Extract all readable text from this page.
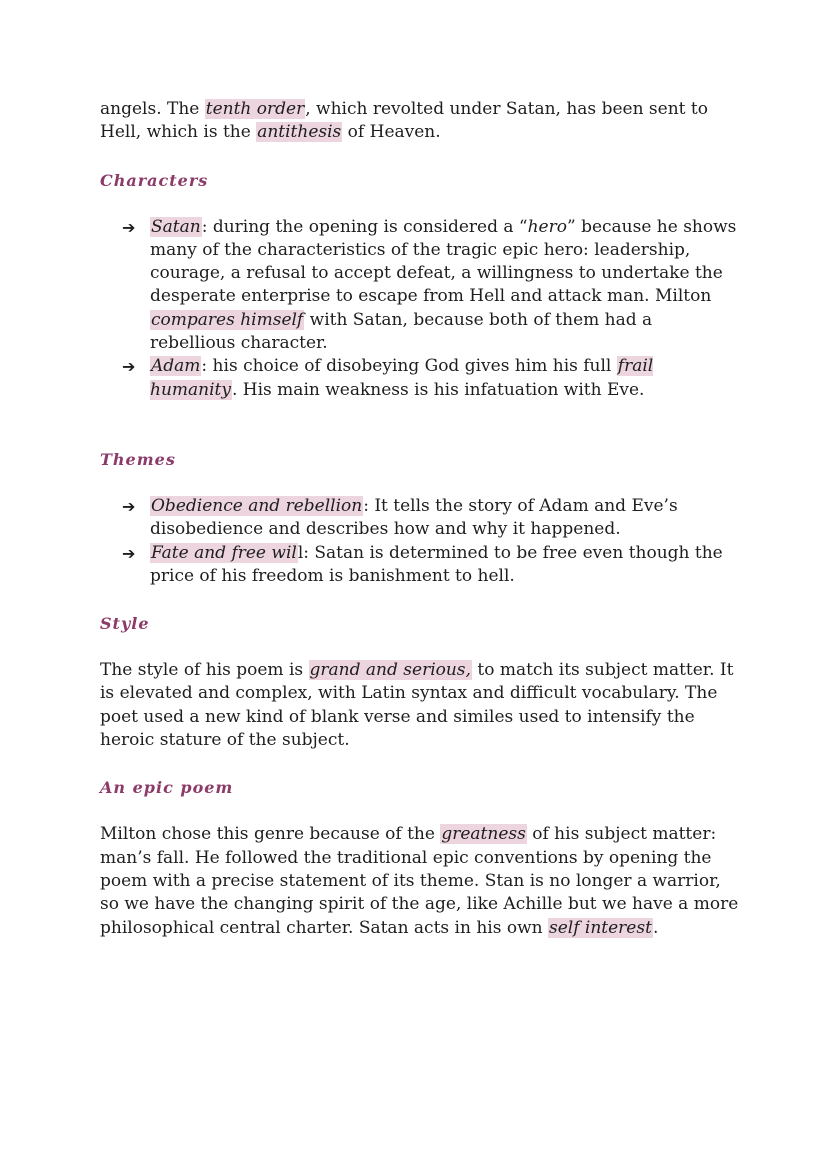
angels. The tenth order, which revolted under Satan, has been sent to Hell, which is the antithesis of Heaven.

Characters
➔ Satan: during the opening is considered a “hero” because he shows many of the characteristics of the tragic epic hero: leadership, courage, a refusal to accept defeat, a willingness to undertake the desperate enterprise to escape from Hell and attack man. Milton compares himself with Satan, because both of them had a rebellious character.
➔ Adam: his choice of disobeying God gives him his full frail humanity. His main weakness is his infatuation with Eve.
Themes
➔ Obedience and rebellion: It tells the story of Adam and Eve’s disobedience and describes how and why it happened.
➔ Fate and free will: Satan is determined to be free even though the price of his freedom is banishment to hell.
Style

The style of his poem is grand and serious, to match its subject matter. It is elevated and complex, with Latin syntax and difficult vocabulary. The poet used a new kind of blank verse and similes used to intensify the heroic stature of the subject.

An epic poem

Milton chose this genre because of the greatness of his subject matter: man’s fall. He followed the traditional epic conventions by opening the poem with a precise statement of its theme. Stan is no longer a warrior, so we have the changing spirit of the age, like Achille but we have a more philosophical central charter. Satan acts in his own self interest.
